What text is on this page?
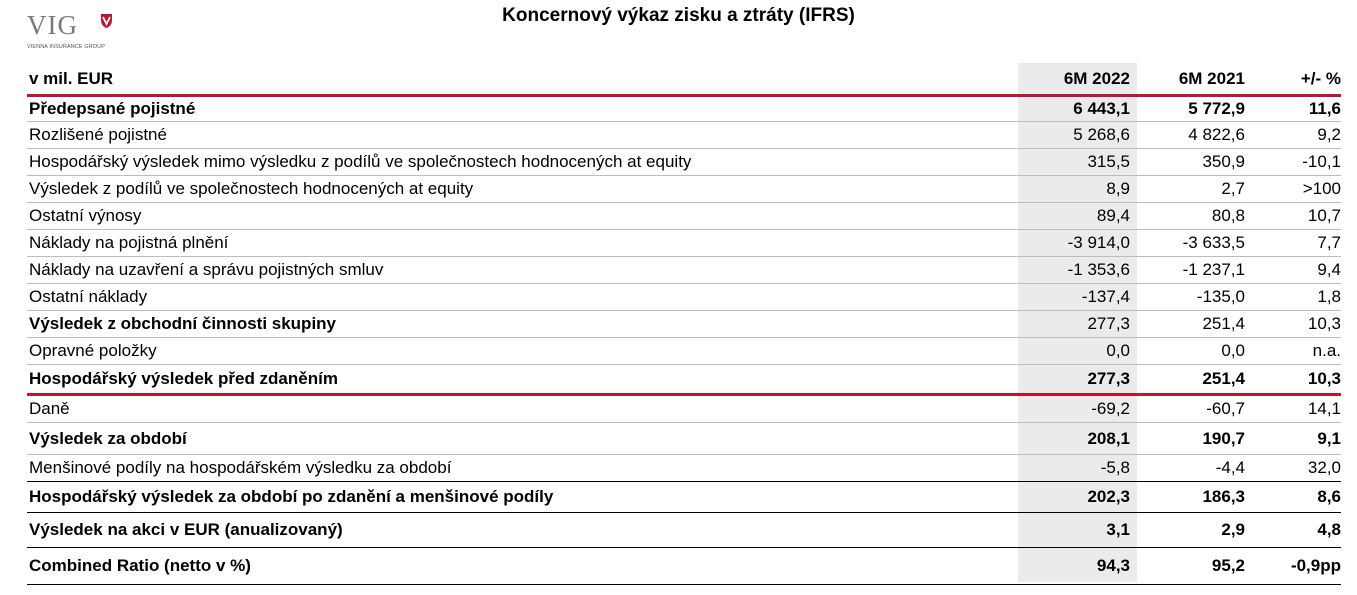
VIG
VIENNA INSURANCE GROUP
Koncernový výkaz zisku a ztráty (IFRS)
v mil. EUR	6M 2022	6M 2021	+/- %
Předepsané pojistné	6 443,1	5 772,9	11,6
Rozlišené pojistné	5 268,6	4 822,6	9,2
Hospodářský výsledek mimo výsledku z podílů ve společnostech hodnocených at equity	315,5	350,9	-10,1
Výsledek z podílů ve společnostech hodnocených at equity	8,9	2,7	>100
Ostatní výnosy	89,4	80,8	10,7
Náklady na pojistná plnění	-3 914,0	-3 633,5	7,7
Náklady na uzavření a správu pojistných smluv	-1 353,6	-1 237,1	9,4
Ostatní náklady	-137,4	-135,0	1,8
Výsledek z obchodní činnosti skupiny	277,3	251,4	10,3
Opravné položky	0,0	0,0	n.a.
Hospodářský výsledek před zdaněním	277,3	251,4	10,3
Daně	-69,2	-60,7	14,1
Výsledek za období	208,1	190,7	9,1
Menšinové podíly na hospodářském výsledku za období	-5,8	-4,4	32,0
Hospodářský výsledek za období po zdanění a menšinové podíly	202,3	186,3	8,6
Výsledek na akci v EUR (anualizovaný)	3,1	2,9	4,8
Combined Ratio (netto v %)	94,3	95,2	-0,9pp
